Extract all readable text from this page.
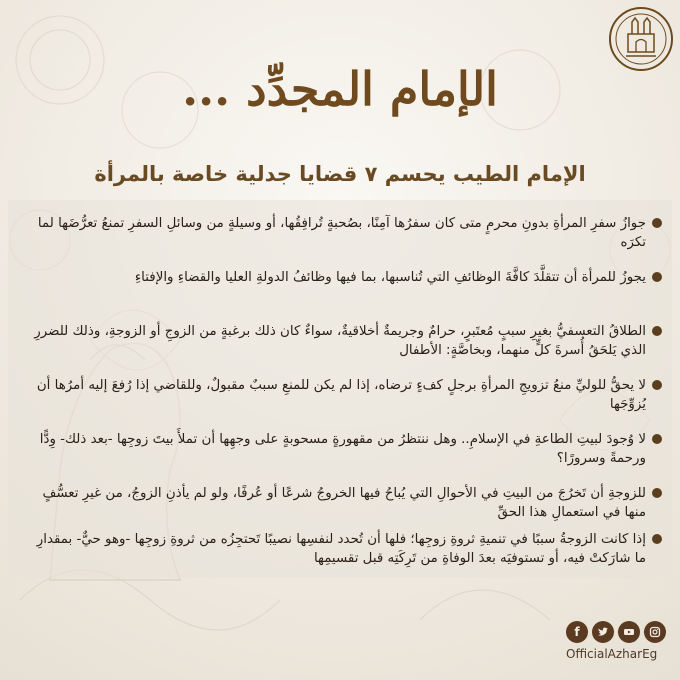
الإمام المجدِّد ...
الإمام الطيب يحسم ٧ قضايا جدلية خاصة بالمرأة
جوازُ سفرِ المرأةِ بدونِ محرمٍ متى كان سفرُها آمِنًا، بصُحبةٍ تُرافِقُها، أو وسيلةٍ من وسائلِ السفرِ تمنعُ تعرُّضَها لما تكرَه
يجوزُ للمرأة أن تتقلَّدَ كافَّةَ الوظائفِ التي تُناسبها، بما فيها وظائفُ الدولةِ العليا والقضاءِ والإفتاءِ
الطلاقُ التعسفيُّ بغيرِ سببٍ مُعتَبرٍ، حرامٌ وجريمةٌ أخلاقيةٌ، سواءٌ كان ذلك برغبةٍ من الزوجِ أو الزوجةِ، وذلك للضررِ الذي يَلحَقُ أُسرةَ كلٍّ منهما، وبخاصَّةٍ: الأطفال
لا يحقُّ للوليِّ منعُ تزويجِ المرأةِ برجلٍ كفءٍ ترضاه، إذا لم يكن للمنعِ سببٌ مقبولٌ، وللقاضي إذا رُفعَ إليه أمرُها أن يُزوِّجَها
لا وُجودَ لبيتِ الطاعةِ في الإسلامِ.. وهل ننتظرُ من مقهورةٍ مسحوبةٍ على وجهِها أن تملأَ بيتَ زوجِها -بعد ذلك- وِدًّا ورحمةً وسرورًا؟
للزوجةِ أن تَخرُجَ من البيتِ في الأحوالِ التي يُباحُ فيها الخروجُ شرعًا أو عُرفًا، ولو لم يأذنِ الزوجُ، من غيرِ تعسُّفٍ منها في استعمالِ هذا الحقِّ
إذا كانت الزوجةُ سببًا في تنميةِ ثروةِ زوجِها؛ فلها أن تُحدد لنفسِها نصيبًا تَحتجِزُه من ثروةِ زوجِها -وهو حيٌّ- بمقدارِ ما شارَكتْ فيه، أو تستوفيَه بعدَ الوفاةِ من تَرِكَتِه قبل تقسيمِها
f
OfficialAzharEg
